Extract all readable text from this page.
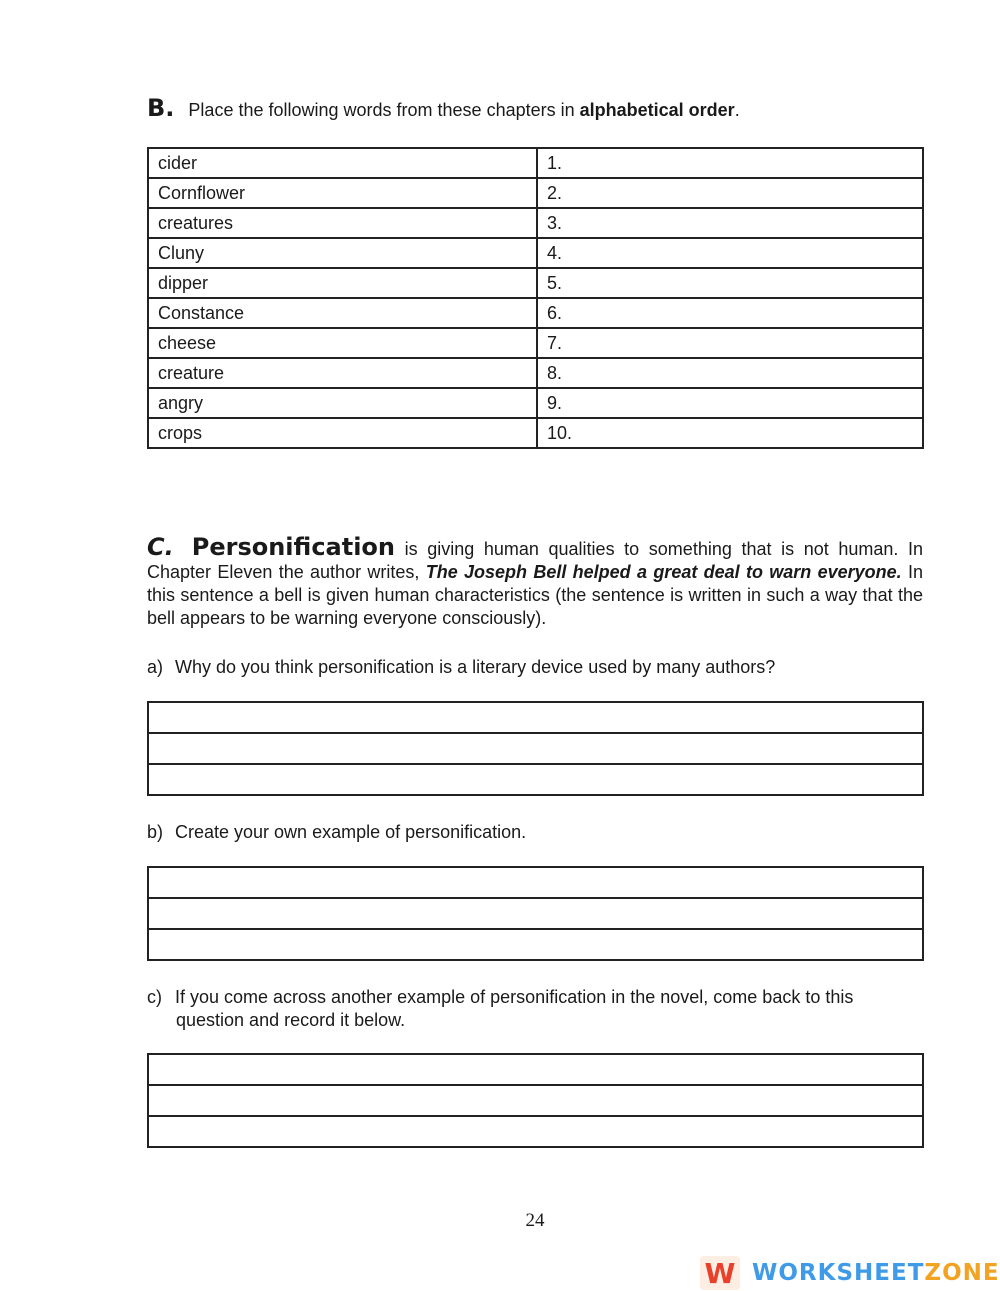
B. Place the following words from these chapters in alphabetical order.
cider	1.
Cornflower	2.
creatures	3.
Cluny	4.
dipper	5.
Constance	6.
cheese	7.
creature	8.
angry	9.
crops	10.
C. Personification is giving human qualities to something that is not human. In Chapter Eleven the author writes, The Joseph Bell helped a great deal to warn everyone. In this sentence a bell is given human characteristics (the sentence is written in such a way that the bell appears to be warning everyone consciously).
a) Why do you think personification is a literary device used by many authors?

b) Create your own example of personification.

c) If you come across another example of personification in the novel, come back to this
question and record it below.

24
W WORKSHEETZONE
